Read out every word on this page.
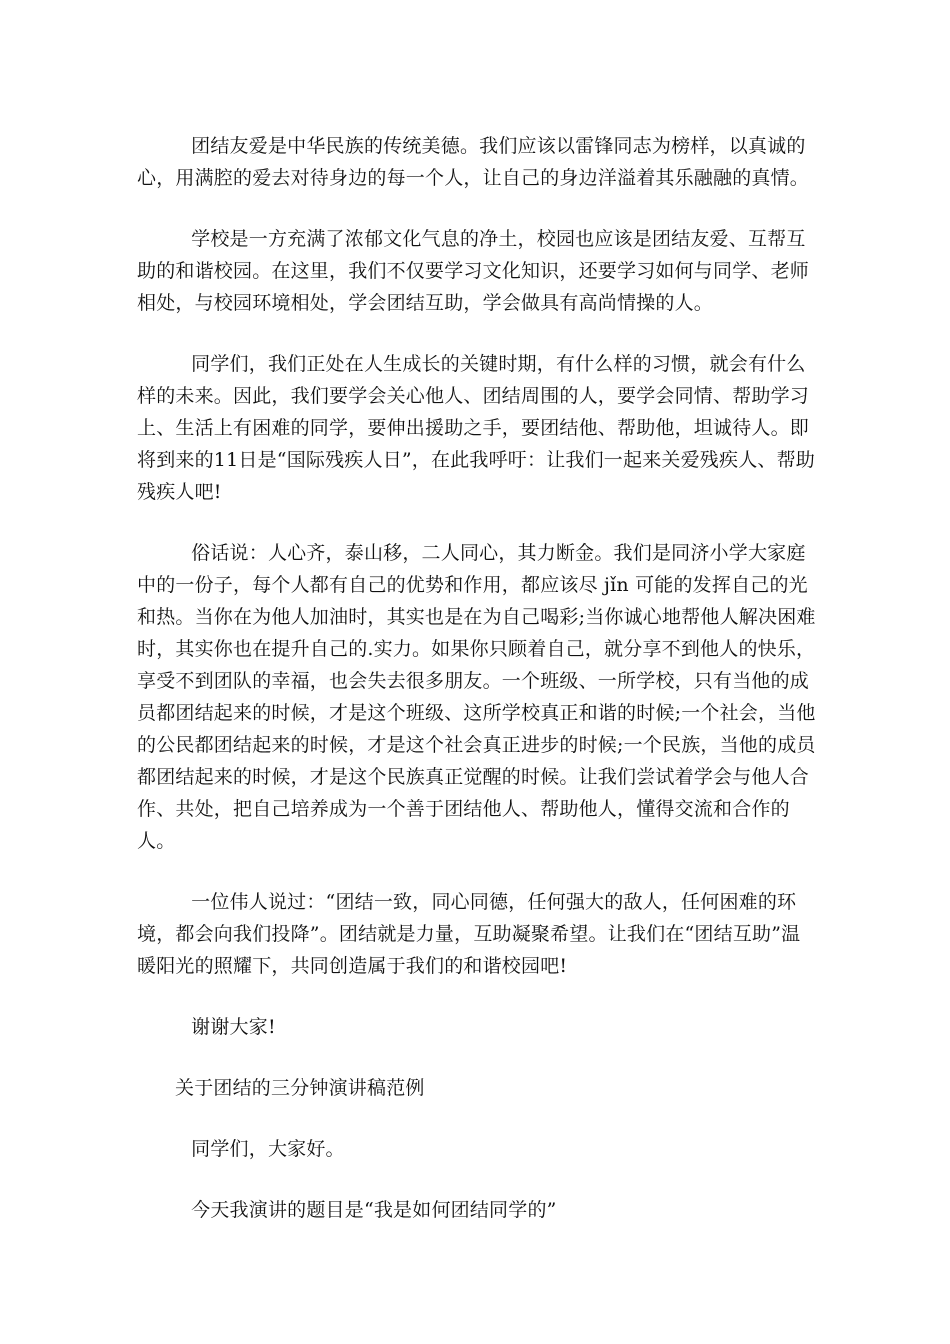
团结友爱是中华民族的传统美德。我们应该以雷锋同志为榜样，以真诚的心，用满腔的爱去对待身边的每一个人，让自己的身边洋溢着其乐融融的真情。

学校是一方充满了浓郁文化气息的净土，校园也应该是团结友爱、互帮互助的和谐校园。在这里，我们不仅要学习文化知识，还要学习如何与同学、老师相处，与校园环境相处，学会团结互助，学会做具有高尚情操的人。

同学们，我们正处在人生成长的关键时期，有什么样的习惯，就会有什么样的未来。因此，我们要学会关心他人、团结周围的人，要学会同情、帮助学习上、生活上有困难的同学，要伸出援助之手，要团结他、帮助他，坦诚待人。即将到来的11日是“国际残疾人日”，在此我呼吁：让我们一起来关爱残疾人、帮助残疾人吧!

俗话说：人心齐，泰山移，二人同心，其力断金。我们是同济小学大家庭中的一份子，每个人都有自己的优势和作用，都应该尽 jǐn 可能的发挥自己的光和热。当你在为他人加油时，其实也是在为自己喝彩;当你诚心地帮他人解决困难时，其实你也在提升自己的.实力。如果你只顾着自己，就分享不到他人的快乐，享受不到团队的幸福，也会失去很多朋友。一个班级、一所学校，只有当他的成员都团结起来的时候，才是这个班级、这所学校真正和谐的时候;一个社会，当他的公民都团结起来的时候，才是这个社会真正进步的时候;一个民族，当他的成员都团结起来的时候，才是这个民族真正觉醒的时候。让我们尝试着学会与他人合作、共处，把自己培养成为一个善于团结他人、帮助他人，懂得交流和合作的人。

一位伟人说过：“团结一致，同心同德，任何强大的敌人，任何困难的环境，都会向我们投降”。团结就是力量，互助凝聚希望。让我们在“团结互助”温暖阳光的照耀下，共同创造属于我们的和谐校园吧!

谢谢大家!

关于团结的三分钟演讲稿范例

同学们，大家好。

今天我演讲的题目是“我是如何团结同学的”
